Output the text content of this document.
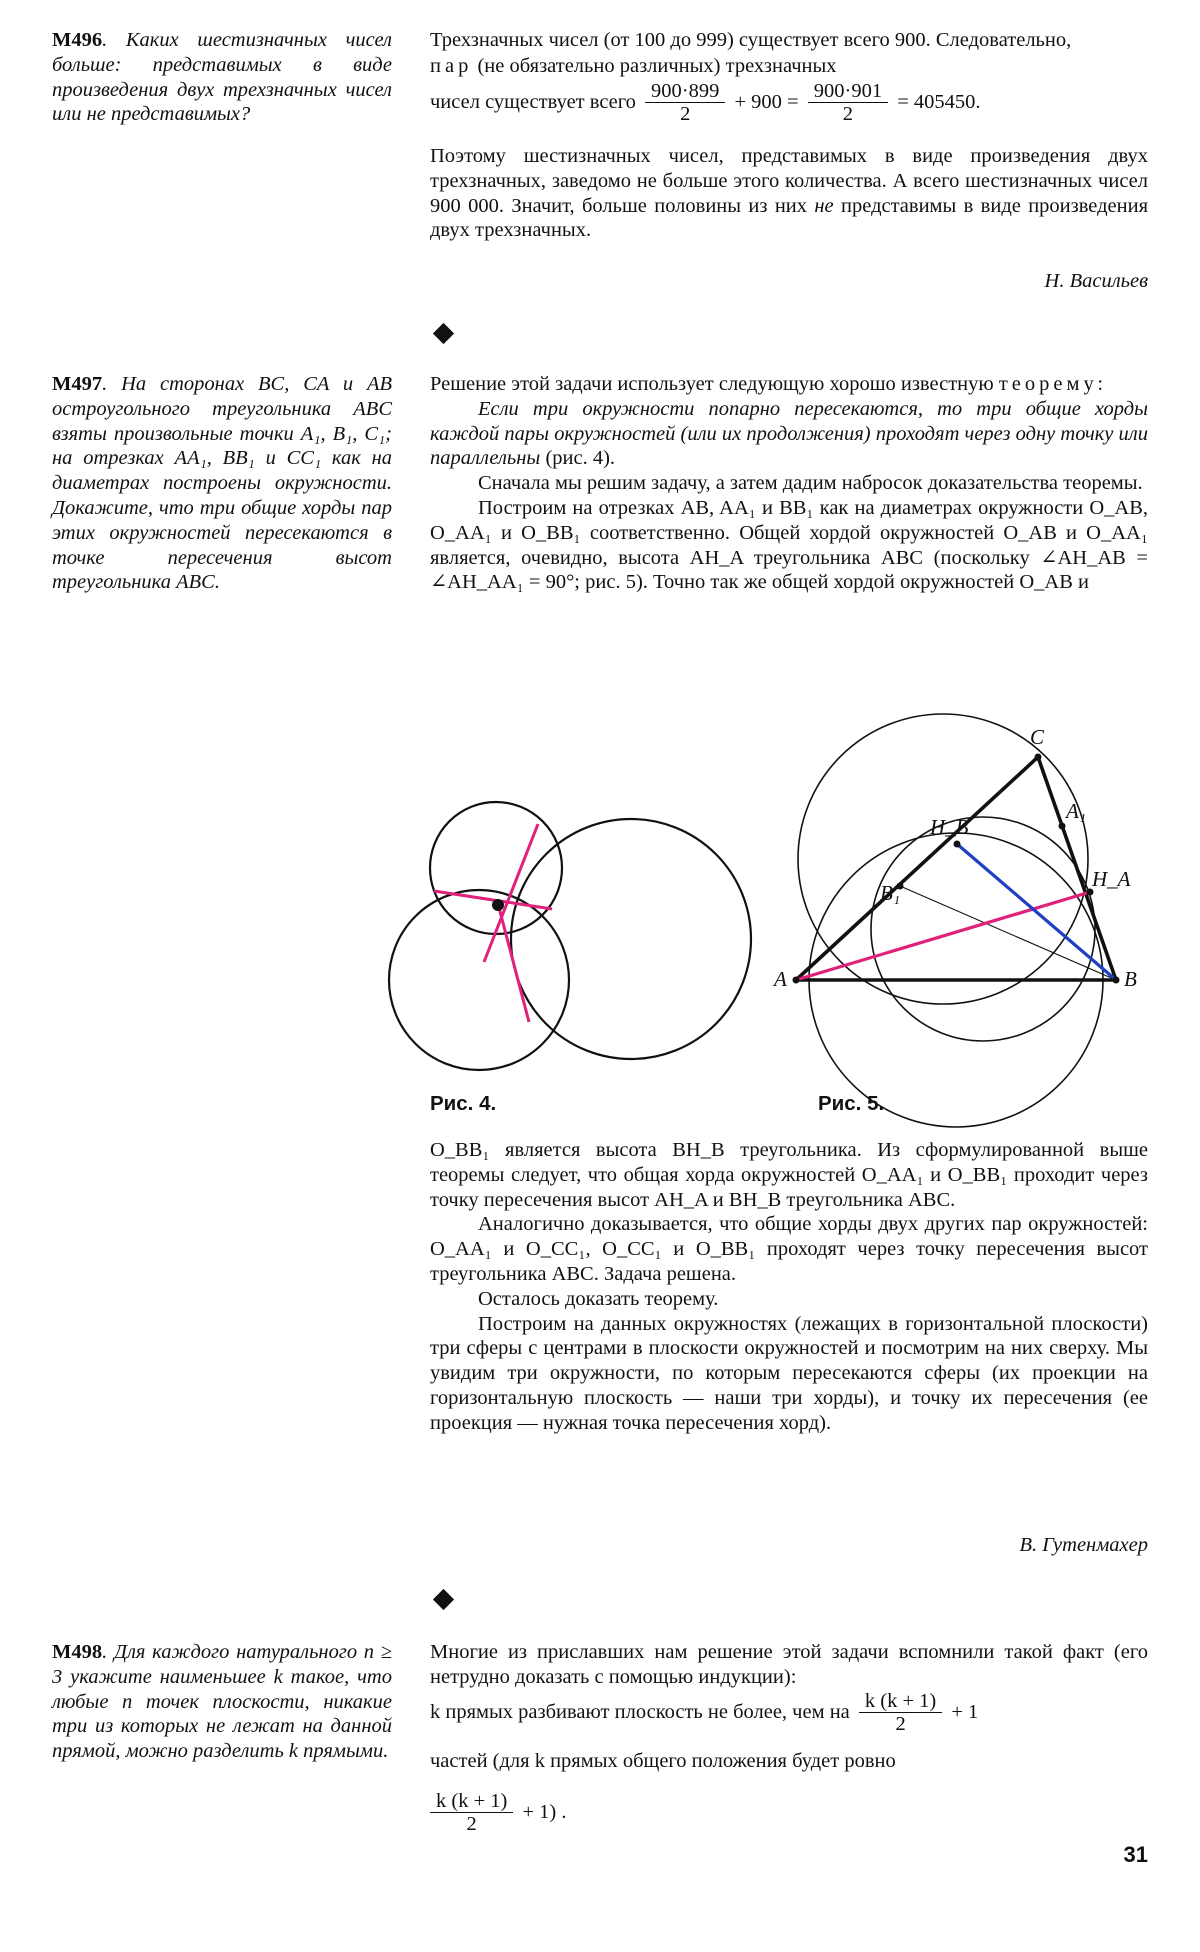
М496. Каких шестизначных чисел больше: представимых в виде произведения двух трехзначных чисел или не представимых?

Трехзначных чисел (от 100 до 999) существует всего 900. Следовательно,

пар (не обязательно различных) трехзначных
чисел существует всего $\frac{900\cdot 899}{2} + 900 = \frac{900\cdot 901}{2} = 405450$.

Поэтому шестизначных чисел, представимых в виде произведения двух трехзначных, заведомо не больше этого количества. А всего шестизначных чисел 900 000. Значит, больше половины из них не представимы в виде произведения двух трехзначных.

Н. Васильев
М497. На сторонах BC, CA и AB остроугольного треугольника ABC взяты произвольные точки A₁, B₁, C₁; на отрезках AA₁, BB₁ и CC₁ как на диаметрах построены окружности. Докажите, что три общие хорды пар этих окружностей пересекаются в точке пересечения высот треугольника ABC.

Решение этой задачи использует следующую хорошо известную теорему:

Если три окружности попарно пересекаются, то три общие хорды каждой пары окружностей (или их продолжения) проходят через одну точку или параллельны (рис. 4).

Сначала мы решим задачу, а затем дадим набросок доказательства теоремы.

Построим на отрезках AB, AA₁ и BB₁ как на диаметрах окружности O_AB, O_AA₁ и O_BB₁ соответственно. Общей хордой окружностей O_AB и O_AA₁ является, очевидно, высота AH_A треугольника ABC (поскольку ∠AH_AB = ∠AH_AA₁ = 90°; рис. 5). Точно так же общей хордой окружностей O_AB и

Рис. 4.
A	B
C
A₁
B₁
H_A
H_B
Рис. 5.

O_BB₁ является высота BH_B треугольника. Из сформулированной выше теоремы следует, что общая хорда окружностей O_AA₁ и O_BB₁ проходит через точку пересечения высот AH_A и BH_B треугольника ABC.

Аналогично доказывается, что общие хорды двух других пар окружностей: O_AA₁ и O_CC₁, O_CC₁ и O_BB₁ проходят через точку пересечения высот треугольника ABC. Задача решена.

Осталось доказать теорему.

Построим на данных окружностях (лежащих в горизонтальной плоскости) три сферы с центрами в плоскости окружностей и посмотрим на них сверху. Мы увидим три окружности, по которым пересекаются сферы (их проекции на горизонтальную плоскость — наши три хорды), и точку их пересечения (ее проекция — нужная точка пересечения хорд).

В. Гутенмахер
М498. Для каждого натурального n ≥ 3 укажите наименьшее k такое, что любые n точек плоскости, никакие три из которых не лежат на данной прямой, можно разделить k прямыми.

Многие из приславших нам решение этой задачи вспомнили такой факт (его нетрудно доказать с помощью индукции):

k прямых разбивают плоскость не более, чем на $\frac{k (k + 1)}{2} + 1$
частей (для k прямых общего положения будет ровно
$\frac{k (k + 1)}{2} + 1$) .
31
